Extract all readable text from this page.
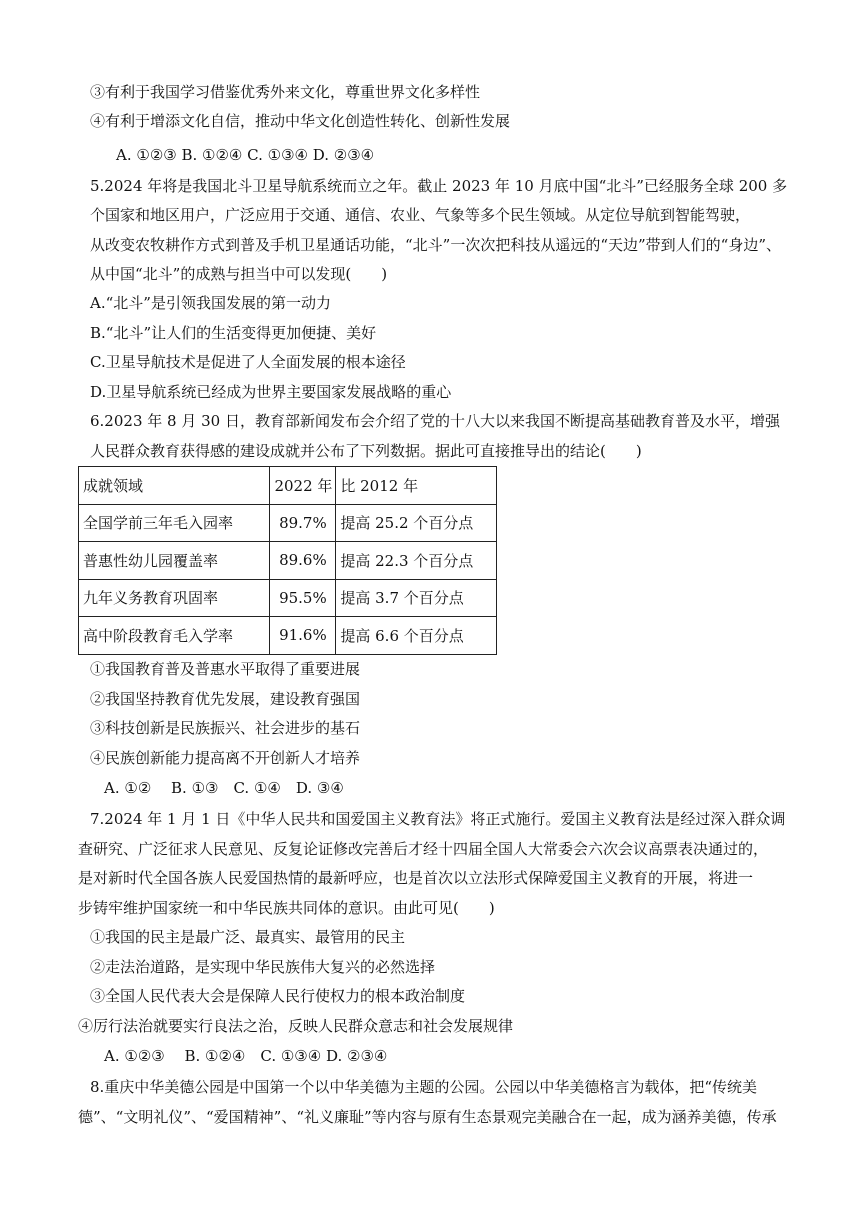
③有利于我国学习借鉴优秀外来文化，尊重世界文化多样性
④有利于增添文化自信，推动中华文化创造性转化、创新性发展
A. ①②③ B. ①②④ C. ①③④ D. ②③④
5.2024 年将是我国北斗卫星导航系统而立之年。截止 2023 年 10 月底中国“北斗”已经服务全球 200 多
个国家和地区用户，广泛应用于交通、通信、农业、气象等多个民生领域。从定位导航到智能驾驶，
从改变农牧耕作方式到普及手机卫星通话功能，“北斗”一次次把科技从遥远的“天边”带到人们的“身边”、
从中国“北斗”的成熟与担当中可以发现(　　)
A.“北斗”是引领我国发展的第一动力
B.“北斗”让人们的生活变得更加便捷、美好
C.卫星导航技术是促进了人全面发展的根本途径
D.卫星导航系统已经成为世界主要国家发展战略的重心
6.2023 年 8 月 30 日，教育部新闻发布会介绍了党的十八大以来我国不断提高基础教育普及水平，增强
人民群众教育获得感的建设成就并公布了下列数据。据此可直接推导出的结论(　　)
成就领域	2022 年	比 2012 年
全国学前三年毛入园率	89.7%	提高 25.2 个百分点
普惠性幼儿园覆盖率	89.6%	提高 22.3 个百分点
九年义务教育巩固率	95.5%	提高 3.7 个百分点
高中阶段教育毛入学率	91.6%	提高 6.6 个百分点
①我国教育普及普惠水平取得了重要进展
②我国坚持教育优先发展，建设教育强国
③科技创新是民族振兴、社会进步的基石
④民族创新能力提高离不开创新人才培养
A. ①②　 B. ①③　C. ①④　D. ③④
7.2024 年 1 月 1 日《中华人民共和国爱国主义教育法》将正式施行。爱国主义教育法是经过深入群众调
查研究、广泛征求人民意见、反复论证修改完善后才经十四届全国人大常委会六次会议高票表决通过的，
是对新时代全国各族人民爱国热情的最新呼应，也是首次以立法形式保障爱国主义教育的开展，将进一
步铸牢维护国家统一和中华民族共同体的意识。由此可见(　　)
①我国的民主是最广泛、最真实、最管用的民主
②走法治道路，是实现中华民族伟大复兴的必然选择
③全国人民代表大会是保障人民行使权力的根本政治制度
④厉行法治就要实行良法之治，反映人民群众意志和社会发展规律
A. ①②③　 B. ①②④　C. ①③④ D. ②③④
8.重庆中华美德公园是中国第一个以中华美德为主题的公园。公园以中华美德格言为载体，把“传统美
德”、“文明礼仪”、“爱国精神”、“礼义廉耻”等内容与原有生态景观完美融合在一起，成为涵养美德，传承
